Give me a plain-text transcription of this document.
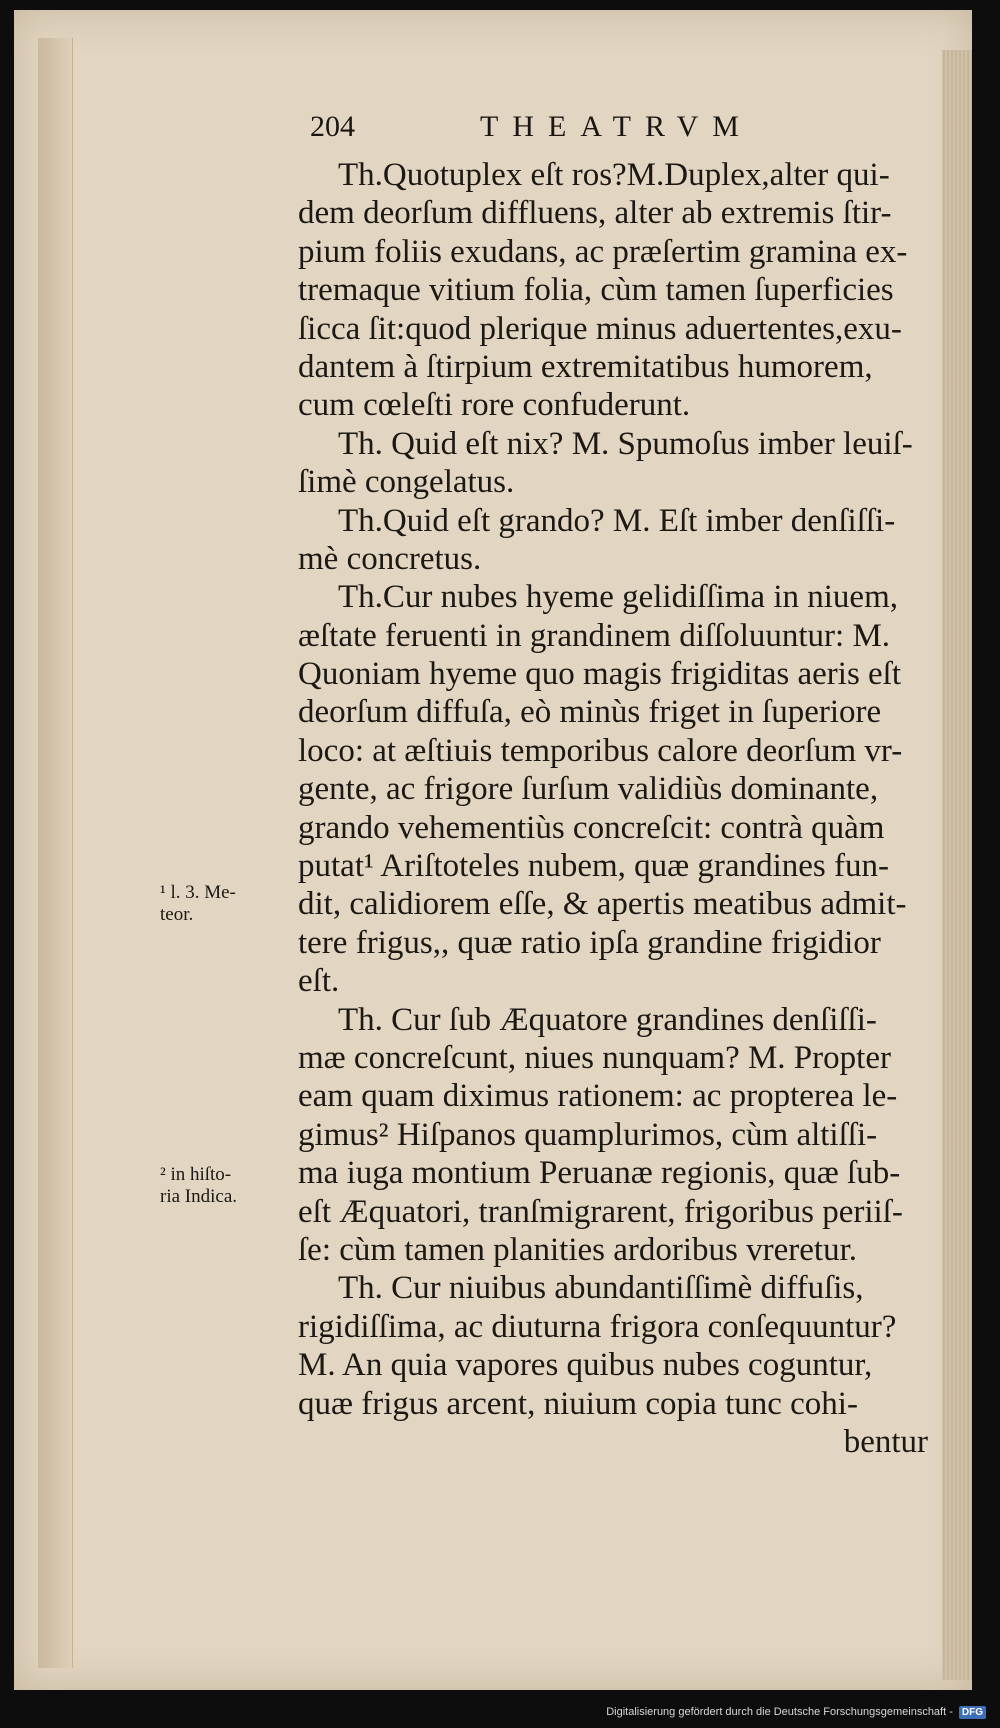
204	THEATRVM
Th.Quotuplex eſt ros?M.Duplex,alter qui-
dem deorſum diffluens, alter ab extremis ſtir-
pium foliis exudans, ac præſertim gramina ex-
tremaque vitium folia, cùm tamen ſuperficies
ſicca ſit:quod plerique minus aduertentes,exu-
dantem à ſtirpium extremitatibus humorem,
cum cœleſti rore confuderunt.
Th. Quid eſt nix? M. Spumoſus imber leuiſ-
ſimè congelatus.
Th.Quid eſt grando? M. Eſt imber denſiſſi-
mè concretus.
Th.Cur nubes hyeme gelidiſſima in niuem,
æſtate feruenti in grandinem diſſoluuntur: M.
Quoniam hyeme quo magis frigiditas aeris eſt
deorſum diffuſa, eò minùs friget in ſuperiore
loco: at æſtiuis temporibus calore deorſum vr-
gente, ac frigore ſurſum validiùs dominante,
grando vehementiùs concreſcit: contrà quàm
putat¹ Ariſtoteles nubem, quæ grandines fun-
dit, calidiorem eſſe, & apertis meatibus admit-
tere frigus,, quæ ratio ipſa grandine frigidior
eſt.
Th. Cur ſub Æquatore grandines denſiſſi-
mæ concreſcunt, niues nunquam? M. Propter
eam quam diximus rationem: ac propterea le-
gimus² Hiſpanos quamplurimos, cùm altiſſi-
ma iuga montium Peruanæ regionis, quæ ſub-
eſt Æquatori, tranſmigrarent, frigoribus periiſ-
ſe: cùm tamen planities ardoribus vreretur.
Th. Cur niuibus abundantiſſimè diffuſis,
rigidiſſima, ac diuturna frigora conſequuntur?
M. An quia vapores quibus nubes coguntur,
quæ frigus arcent, niuium copia tunc cohi-
bentur
¹ l. 3. Me-
teor.
² in hiſto-
ria Indica.
Digitalisierung gefördert durch die Deutsche Forschungsgemeinschaft - DFG
